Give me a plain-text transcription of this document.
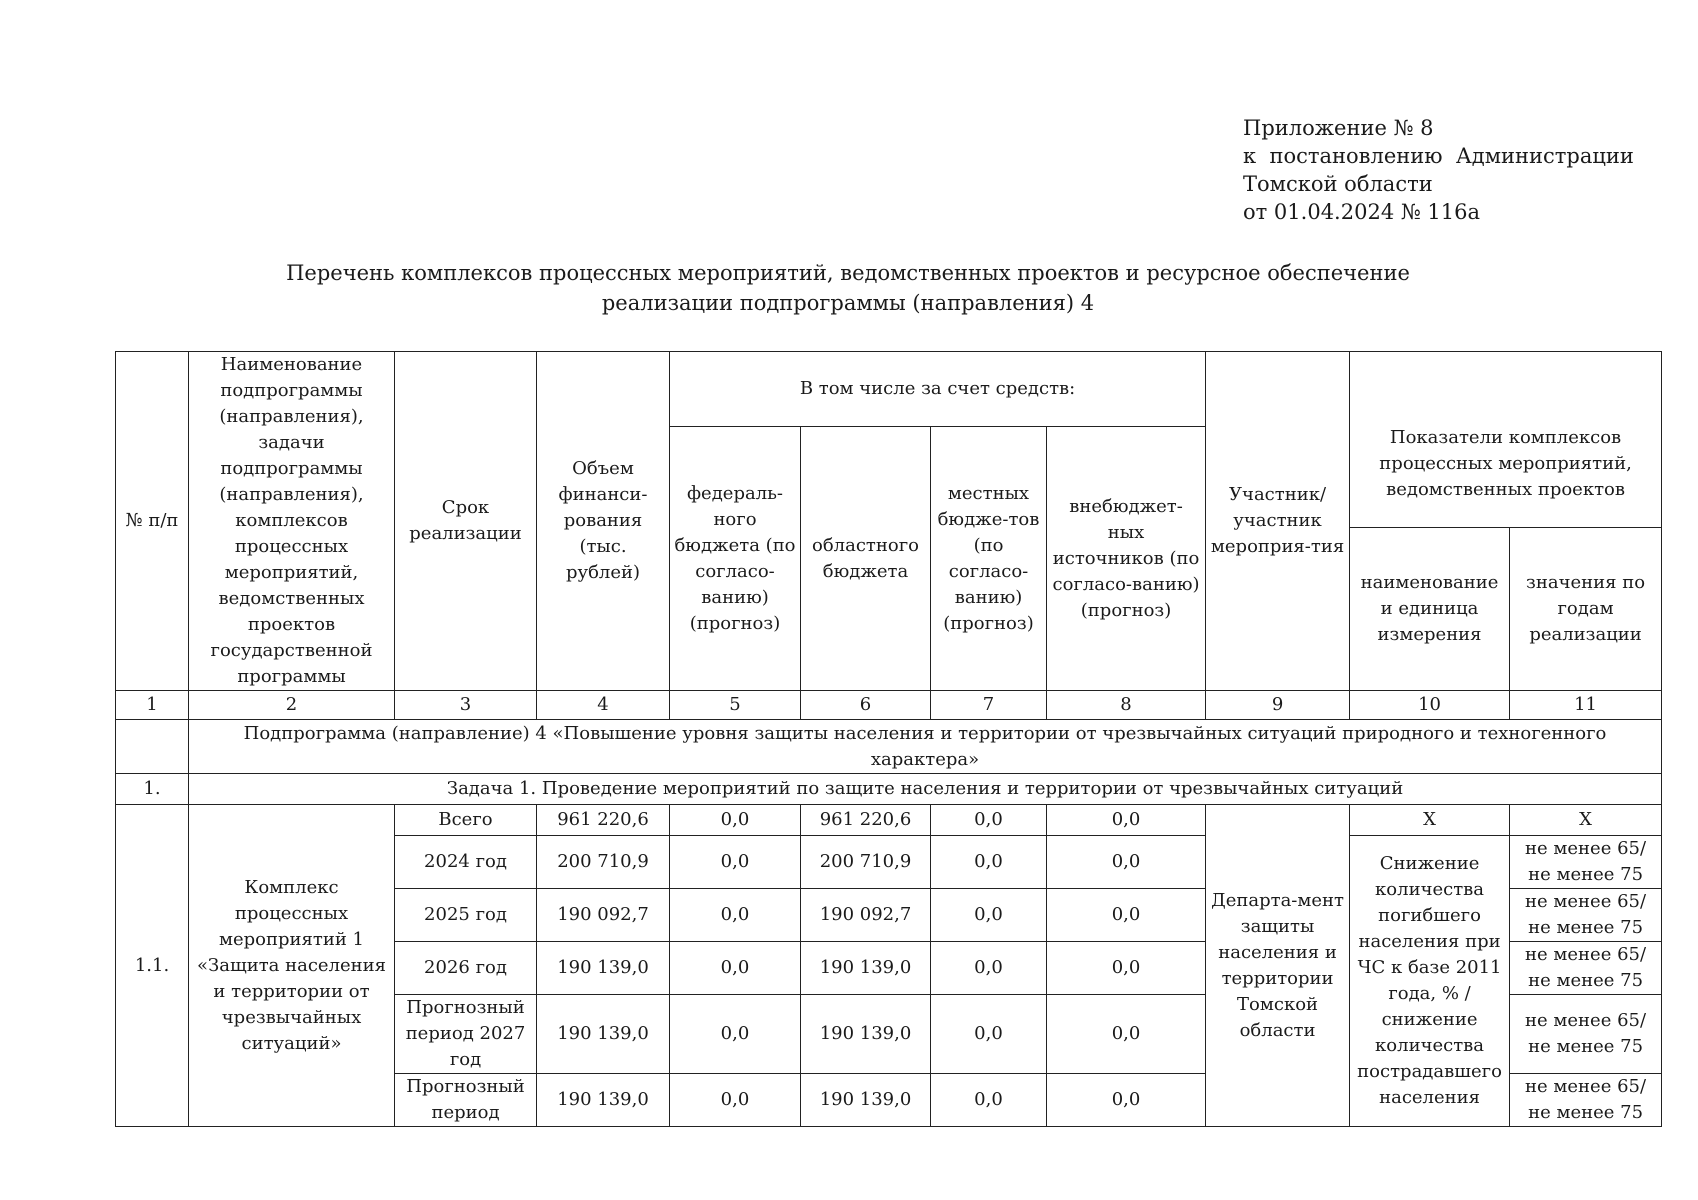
Приложение № 8
к  постановлению  Администрации
Томской области
от 01.04.2024 № 116а
Перечень комплексов процессных мероприятий, ведомственных проектов и ресурсное обеспечение
реализации подпрограммы (направления) 4
№ п/п	Наименование подпрограммы (направления), задачи подпрограммы (направления), комплексов процессных мероприятий, ведомственных проектов государственной программы	Срок реализации	Объем финанси-рования (тыс. рублей)	В том числе за счет средств:				Участник/ участник мероприя-тия	Показатели комплексов процессных мероприятий, ведомственных проектов	
				федераль-ного бюджета (по согласо-ванию) (прогноз)	областного бюджета	местных бюдже-тов (по согласо-ванию) (прогноз)	внебюджет-ных источников (по согласо-ванию) (прогноз)			
									наименование и единица измерения	значения по годам реализации
1	2	3	4	5	6	7	8	9	10	11
	Подпрограмма (направление) 4 «Повышение уровня защиты населения и территории от чрезвычайных ситуаций природного и техногенного характера»									
1.	Задача 1. Проведение мероприятий по защите населения и территории от чрезвычайных ситуаций									
1.1.	Комплекс процессных мероприятий 1 «Защита населения и территории от чрезвычайных ситуаций»	Всего	961 220,6	0,0	961 220,6	0,0	0,0	Департа-мент защиты населения и территории Томской области	Х	Х
		2024 год	200 710,9	0,0	200 710,9	0,0	0,0		Снижение количества погибшего населения при ЧС к базе 2011 года, % / снижение количества пострадавшего населения	не менее 65/ не менее 75
		2025 год	190 092,7	0,0	190 092,7	0,0	0,0			не менее 65/ не менее 75
		2026 год	190 139,0	0,0	190 139,0	0,0	0,0			не менее 65/ не менее 75
		Прогнозный период 2027 год	190 139,0	0,0	190 139,0	0,0	0,0			не менее 65/ не менее 75
		Прогнозный период	190 139,0	0,0	190 139,0	0,0	0,0			не менее 65/ не менее 75
